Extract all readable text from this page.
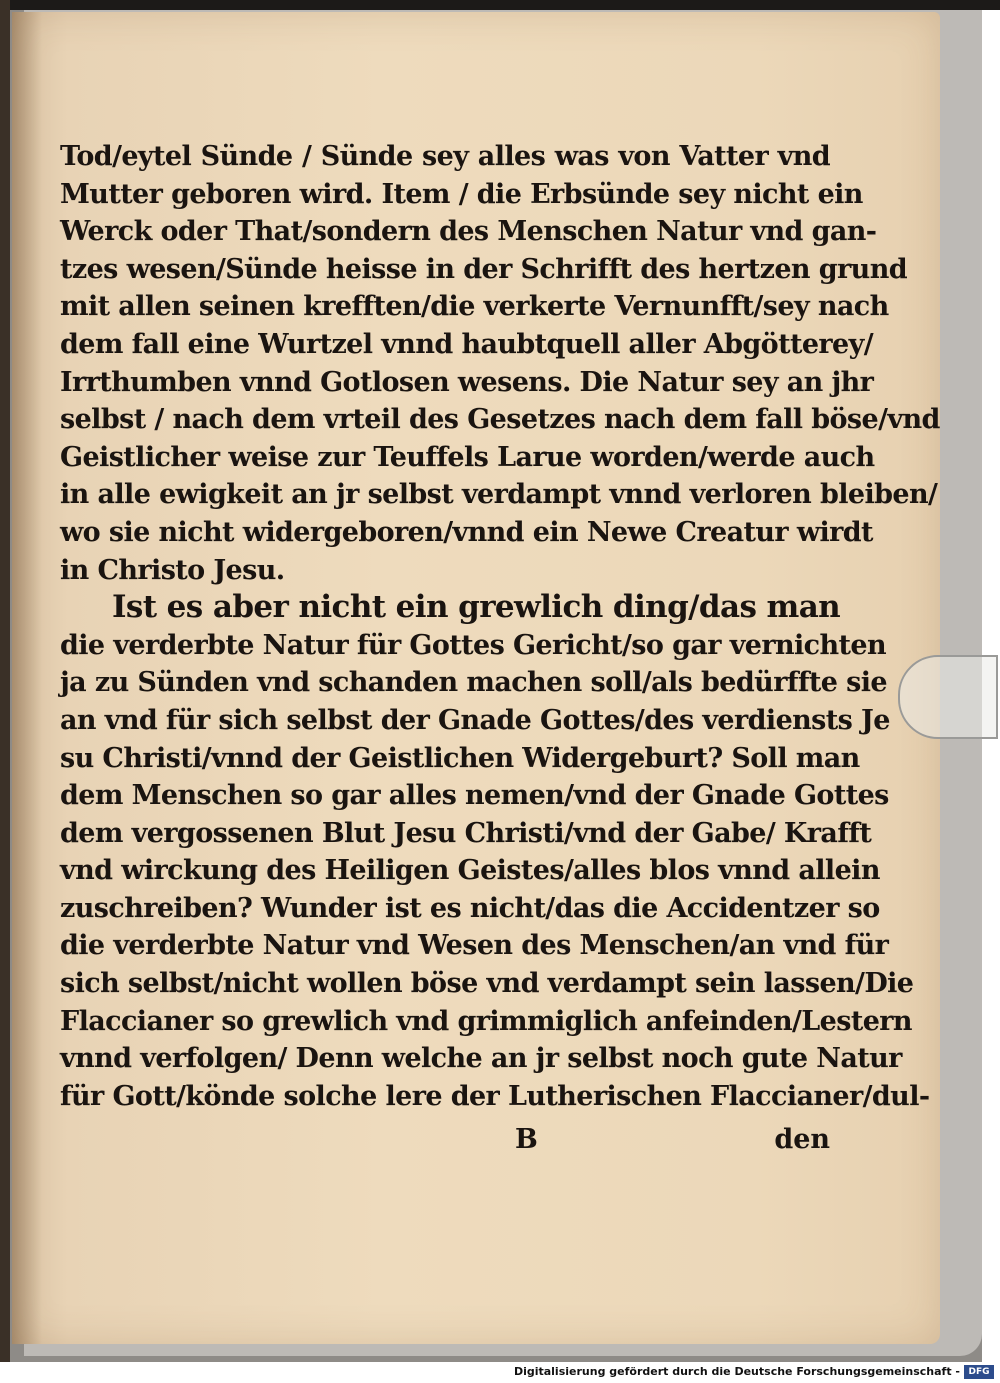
Tod/eytel Sünde / Sünde sey alles was von Vatter vnd
Mutter geboren wird. Item / die Erbsünde sey nicht ein
Werck oder That/sondern des Menschen Natur vnd gan-
tzes wesen/Sünde heisse in der Schrifft des hertzen grund
mit allen seinen krefften/die verkerte Vernunfft/sey nach
dem fall eine Wurtzel vnnd haubtquell aller Abgötterey/
Irrthumben vnnd Gotlosen wesens. Die Natur sey an jhr
selbst / nach dem vrteil des Gesetzes nach dem fall böse/vnd
Geistlicher weise zur Teuffels Larue worden/werde auch
in alle ewigkeit an jr selbst verdampt vnnd verloren bleiben/
wo sie nicht widergeboren/vnnd ein Newe Creatur wirdt
in Christo Jesu.
Ist es aber nicht ein grewlich ding/das man
die verderbte Natur für Gottes Gericht/so gar vernichten
ja zu Sünden vnd schanden machen soll/als bedürffte sie
an vnd für sich selbst der Gnade Gottes/des verdiensts Je
su Christi/vnnd der Geistlichen Widergeburt? Soll man
dem Menschen so gar alles nemen/vnd der Gnade Gottes
dem vergossenen Blut Jesu Christi/vnd der Gabe/ Krafft
vnd wirckung des Heiligen Geistes/alles blos vnnd allein
zuschreiben? Wunder ist es nicht/das die Accidentzer so
die verderbte Natur vnd Wesen des Menschen/an vnd für
sich selbst/nicht wollen böse vnd verdampt sein lassen/Die
Flaccianer so grewlich vnd grimmiglich anfeinden/Lestern
vnnd verfolgen/ Denn welche an jr selbst noch gute Natur
für Gott/könde solche lere der Lutherischen Flaccianer/dul-
B	den
Digitalisierung gefördert durch die Deutsche Forschungsgemeinschaft - DFG
